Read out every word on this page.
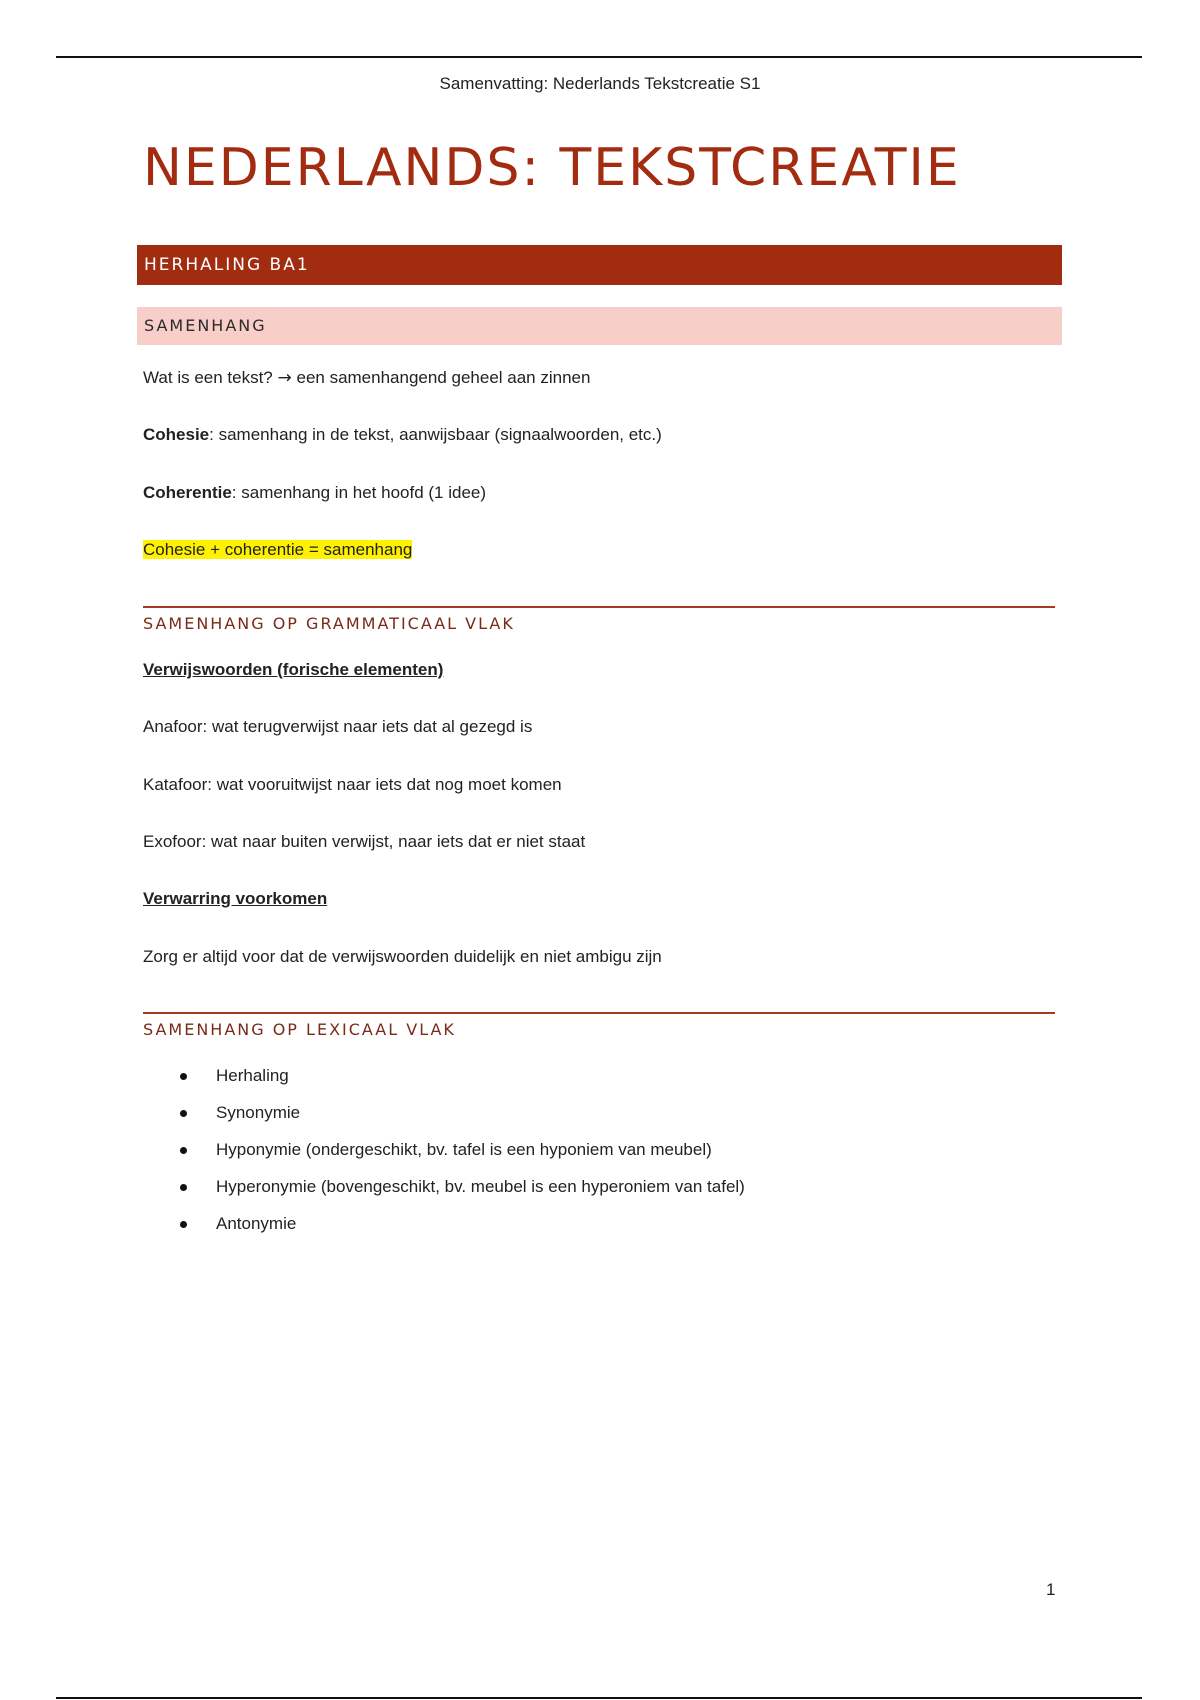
Samenvatting: Nederlands Tekstcreatie S1
NEDERLANDS: TEKSTCREATIE
HERHALING BA1
SAMENHANG

Wat is een tekst? → een samenhangend geheel aan zinnen

Cohesie: samenhang in de tekst, aanwijsbaar (signaalwoorden, etc.)

Coherentie: samenhang in het hoofd (1 idee)

Cohesie + coherentie = samenhang

SAMENHANG OP GRAMMATICAAL VLAK

Verwijswoorden (forische elementen)

Anafoor: wat terugverwijst naar iets dat al gezegd is

Katafoor: wat vooruitwijst naar iets dat nog moet komen

Exofoor: wat naar buiten verwijst, naar iets dat er niet staat

Verwarring voorkomen

Zorg er altijd voor dat de verwijswoorden duidelijk en niet ambigu zijn

SAMENHANG OP LEXICAAL VLAK

Herhaling
Synonymie
Hyponymie (ondergeschikt, bv. tafel is een hyponiem van meubel)
Hyperonymie (bovengeschikt, bv. meubel is een hyperoniem van tafel)
Antonymie
1
